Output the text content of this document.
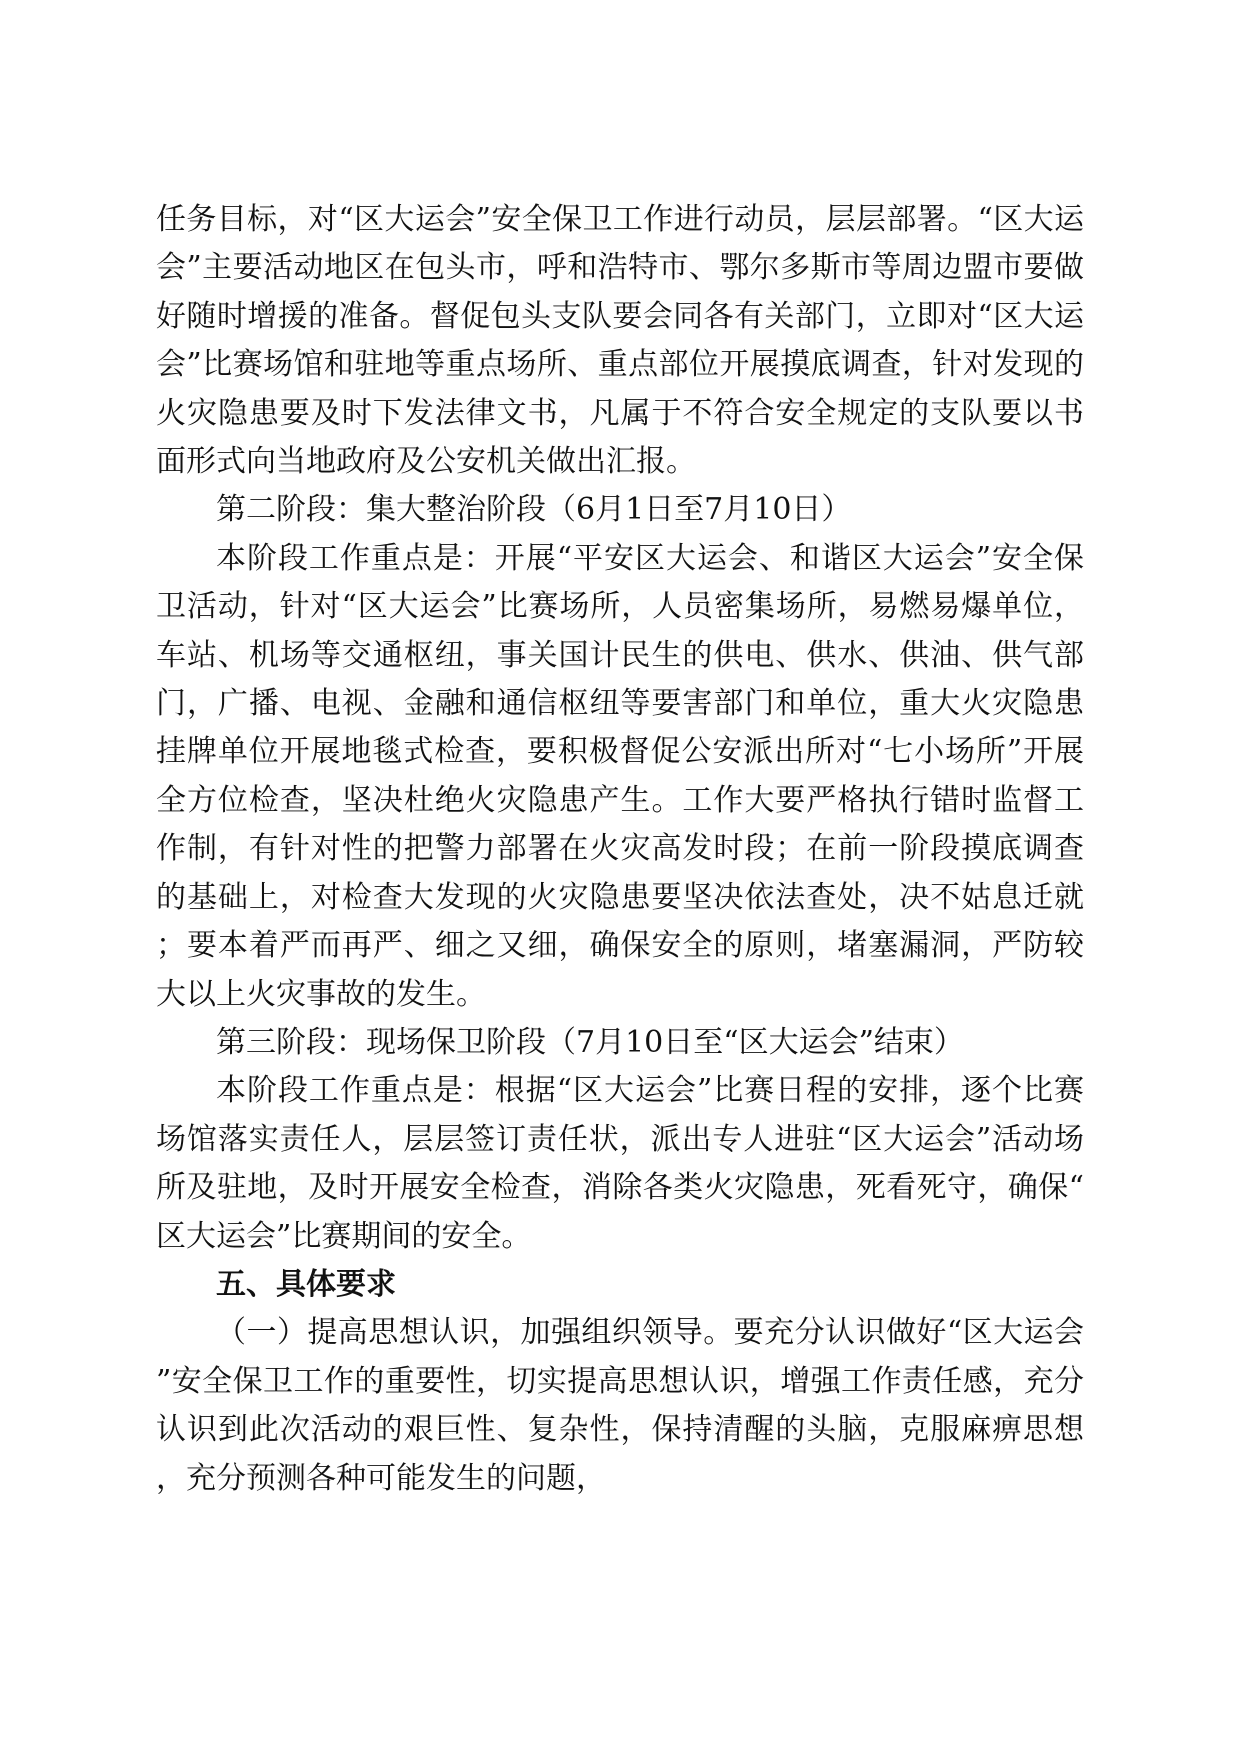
任务目标，对“区大运会”安全保卫工作进行动员，层层部署。“区大运会”主要活动地区在包头市，呼和浩特市、鄂尔多斯市等周边盟市要做好随时增援的准备。督促包头支队要会同各有关部门，立即对“区大运会”比赛场馆和驻地等重点场所、重点部位开展摸底调查，针对发现的火灾隐患要及时下发法律文书，凡属于不符合安全规定的支队要以书面形式向当地政府及公安机关做出汇报。

第二阶段：集大整治阶段（6月1日至7月10日）

本阶段工作重点是：开展“平安区大运会、和谐区大运会”安全保卫活动，针对“区大运会”比赛场所，人员密集场所，易燃易爆单位，车站、机场等交通枢纽，事关国计民生的供电、供水、供油、供气部门，广播、电视、金融和通信枢纽等要害部门和单位，重大火灾隐患挂牌单位开展地毯式检查，要积极督促公安派出所对“七小场所”开展全方位检查，坚决杜绝火灾隐患产生。工作大要严格执行错时监督工作制，有针对性的把警力部署在火灾高发时段；在前一阶段摸底调查的基础上，对检查大发现的火灾隐患要坚决依法查处，决不姑息迁就；要本着严而再严、细之又细，确保安全的原则，堵塞漏洞，严防较大以上火灾事故的发生。

第三阶段：现场保卫阶段（7月10日至“区大运会”结束）

本阶段工作重点是：根据“区大运会”比赛日程的安排，逐个比赛场馆落实责任人，层层签订责任状，派出专人进驻“区大运会”活动场所及驻地，及时开展安全检查，消除各类火灾隐患，死看死守，确保“区大运会”比赛期间的安全。

五、具体要求

（一）提高思想认识，加强组织领导。要充分认识做好“区大运会”安全保卫工作的重要性，切实提高思想认识，增强工作责任感，充分认识到此次活动的艰巨性、复杂性，保持清醒的头脑，克服麻痹思想，充分预测各种可能发生的问题，
